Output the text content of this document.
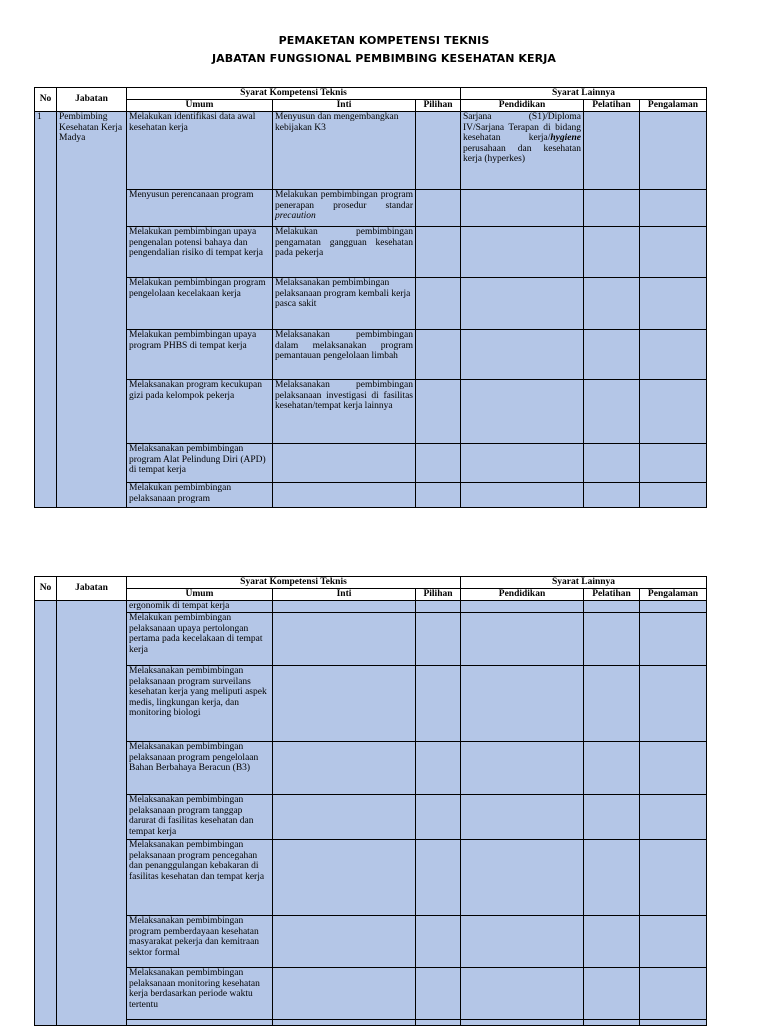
PEMAKETAN KOMPETENSI TEKNIS
JABATAN FUNGSIONAL PEMBIMBING KESEHATAN KERJA
No	Jabatan	Syarat Kompetensi Teknis			Syarat Lainnya		
		Umum	Inti	Pilihan	Pendidikan	Pelatihan	Pengalaman
1	Pembimbing Kesehatan Kerja Madya	Melakukan identifikasi data awal kesehatan kerja	Menyusun dan mengembangkan kebijakan K3		Sarjana (S1)/Diploma IV/Sarjana Terapan di bidang kesehatan kerja/hygiene perusahaan dan kesehatan kerja (hyperkes)		
		Menyusun perencanaan program	Melakukan pembimbingan program penerapan prosedur standar precaution				
		Melakukan pembimbingan upaya pengenalan potensi bahaya dan pengendalian risiko di tempat kerja	Melakukan pembimbingan pengamatan gangguan kesehatan pada pekerja				
		Melakukan pembimbingan program pengelolaan kecelakaan kerja	Melaksanakan pembimbingan pelaksanaan program kembali kerja pasca sakit				
		Melakukan pembimbingan upaya program PHBS di tempat kerja	Melaksanakan pembimbingan dalam melaksanakan program pemantauan pengelolaan limbah				
		Melaksanakan program kecukupan gizi pada kelompok pekerja	Melaksanakan pembimbingan pelaksanaan investigasi di fasilitas kesehatan/tempat kerja lainnya				
		Melaksanakan pembimbingan program Alat Pelindung Diri (APD) di tempat kerja					
		Melakukan pembimbingan pelaksanaan program					
No	Jabatan	Syarat Kompetensi Teknis			Syarat Lainnya		
		Umum	Inti	Pilihan	Pendidikan	Pelatihan	Pengalaman
		ergonomik di tempat kerja					
		Melakukan pembimbingan pelaksanaan upaya pertolongan pertama pada kecelakaan di tempat kerja					
		Melaksanakan pembimbingan pelaksanaan program surveilans kesehatan kerja yang meliputi aspek medis, lingkungan kerja, dan monitoring biologi					
		Melaksanakan pembimbingan pelaksanaan program pengelolaan Bahan Berbahaya Beracun (B3)					
		Melaksanakan pembimbingan pelaksanaan program tanggap darurat di fasilitas kesehatan dan tempat kerja					
		Melaksanakan pembimbingan pelaksanaan program pencegahan dan penanggulangan kebakaran di fasilitas kesehatan dan tempat kerja					
		Melaksanakan pembimbingan program pemberdayaan kesehatan masyarakat pekerja dan kemitraan sektor formal					
		Melaksanakan pembimbingan pelaksanaan monitoring kesehatan kerja berdasarkan periode waktu tertentu					
